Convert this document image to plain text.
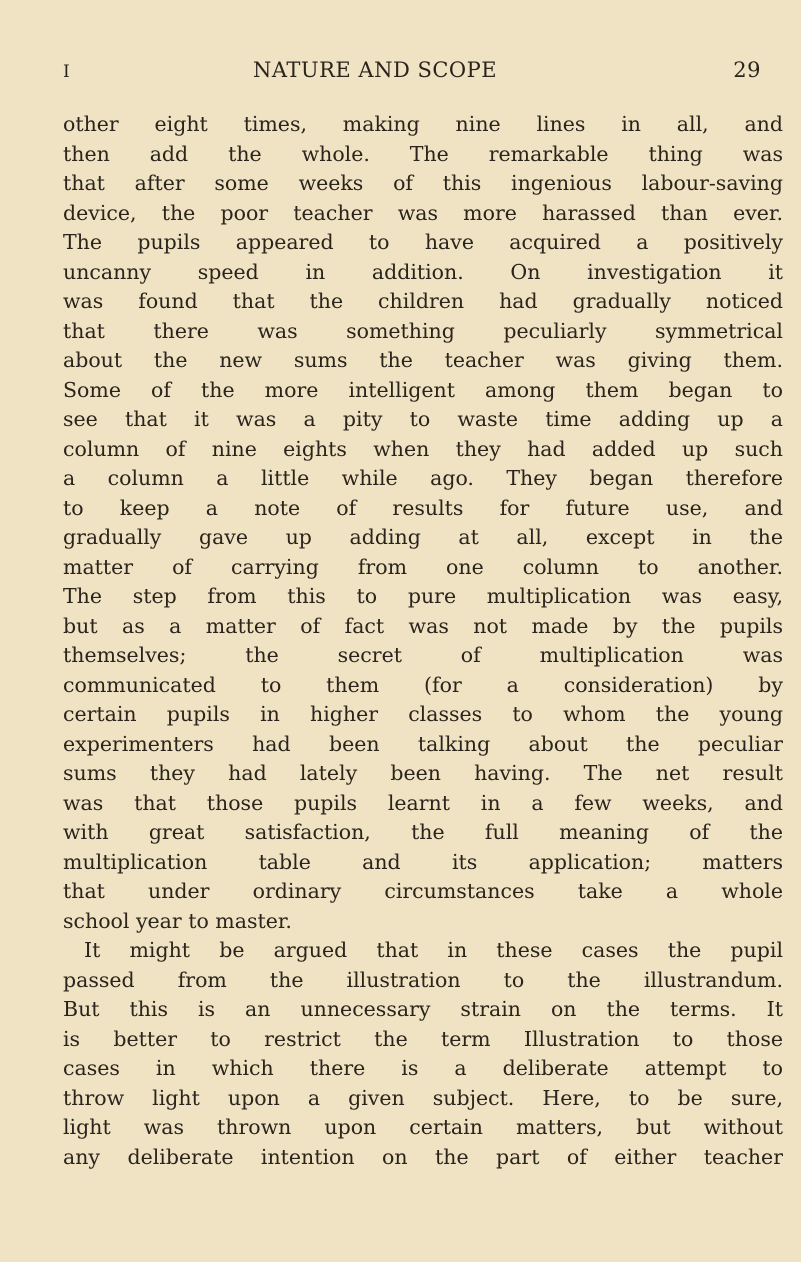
I	NATURE AND SCOPE	29
other eight times, making nine lines in all, and
then add the whole. The remarkable thing was
that after some weeks of this ingenious labour-saving
device, the poor teacher was more harassed than ever.
The pupils appeared to have acquired a positively
uncanny speed in addition. On investigation it
was found that the children had gradually noticed
that there was something peculiarly symmetrical
about the new sums the teacher was giving them.
Some of the more intelligent among them began to
see that it was a pity to waste time adding up a
column of nine eights when they had added up such
a column a little while ago. They began therefore
to keep a note of results for future use, and
gradually gave up adding at all, except in the
matter of carrying from one column to another.
The step from this to pure multiplication was easy,
but as a matter of fact was not made by the pupils
themselves; the secret of multiplication was
communicated to them (for a consideration) by
certain pupils in higher classes to whom the young
experimenters had been talking about the peculiar
sums they had lately been having. The net result
was that those pupils learnt in a few weeks, and
with great satisfaction, the full meaning of the
multiplication table and its application; matters
that under ordinary circumstances take a whole
school year to master.
It might be argued that in these cases the pupil
passed from the illustration to the illustrandum.
But this is an unnecessary strain on the terms. It
is better to restrict the term Illustration to those
cases in which there is a deliberate attempt to
throw light upon a given subject. Here, to be sure,
light was thrown upon certain matters, but without
any deliberate intention on the part of either teacher
